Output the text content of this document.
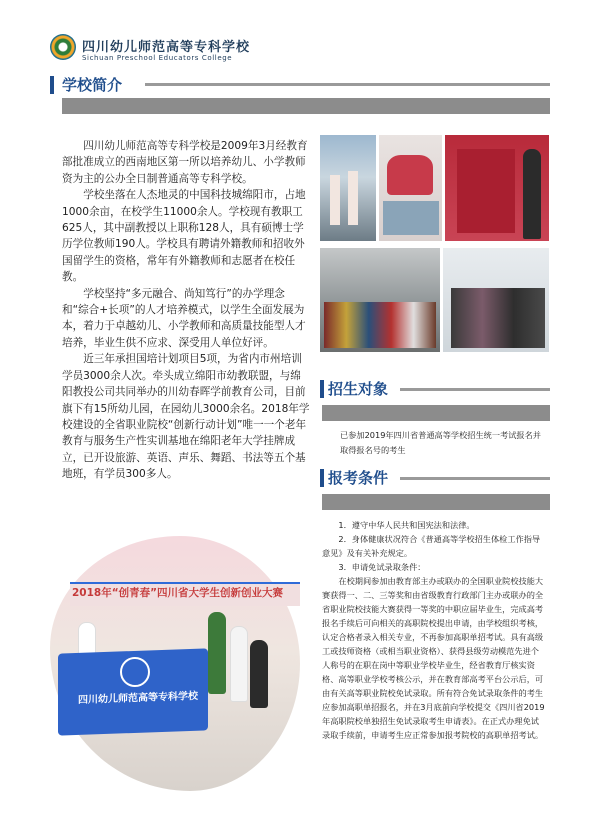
四川幼儿师范高等专科学校
Sichuan Preschool Educators College
学校简介

四川幼儿师范高等专科学校是2009年3月经教育部批准成立的西南地区第一所以培养幼儿、小学教师资为主的公办全日制普通高等专科学校。

学校坐落在人杰地灵的中国科技城绵阳市，占地1000余亩，在校学生11000余人。学校现有教职工625人，其中副教授以上职称128人，具有硕博士学历学位教师190人。学校具有聘请外籍教师和招收外国留学生的资格，常年有外籍教师和志愿者在校任教。

学校坚持“多元融合、尚知笃行”的办学理念和“综合+长项”的人才培养模式，以学生全面发展为本，着力于卓越幼儿、小学教师和高质量技能型人才培养，毕业生供不应求、深受用人单位好评。

近三年承担国培计划项目5项，为省内市州培训学员3000余人次。牵头成立绵阳市幼教联盟，与绵阳教投公司共同举办的川幼春晖学前教育公司，目前旗下有15所幼儿园，在园幼儿3000余名。2018年学校建设的全省职业院校“创新行动计划”唯一一个老年教育与服务生产性实训基地在绵阳老年大学挂牌成立，已开设旅游、英语、声乐、舞蹈、书法等五个基地班，有学员300多人。

招生对象
已参加2019年四川省普通高等学校招生统一考试报名并取得报名号的考生
报考条件

1．遵守中华人民共和国宪法和法律。

2．身体健康状况符合《普通高等学校招生体检工作指导意见》及有关补充规定。

3．申请免试录取条件：

在校期间参加由教育部主办或联办的全国职业院校技能大赛获得一、二、三等奖和由省级教育行政部门主办或联办的全省职业院校技能大赛获得一等奖的中职应届毕业生，完成高考报名手续后可向相关的高职院校提出申请，由学校组织考核，认定合格者录入相关专业，不再参加高职单招考试。具有高级工或技师资格（或相当职业资格）、获得县级劳动模范先进个人称号的在职在岗中等职业学校毕业生，经省教育厅核实资格、高等职业学校考核公示，并在教育部高考平台公示后，可由有关高等职业院校免试录取。所有符合免试录取条件的考生应参加高职单招报名，并在3月底前向学校提交《四川省2019年高职院校单独招生免试录取考生申请表》。在正式办理免试录取手续前，申请考生应正常参加报考院校的高职单招考试。

2018年“创青春”四川省大学生创新创业大赛
四川幼儿师范高等专科学校
